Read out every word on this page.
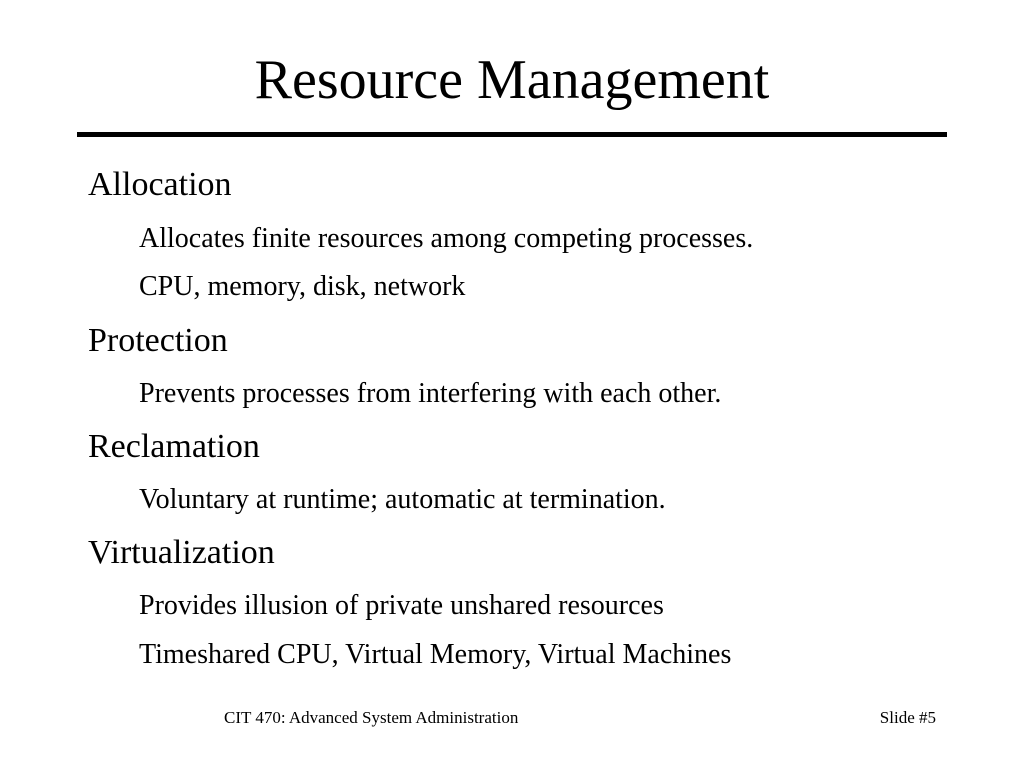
Resource Management
Allocation
Allocates finite resources among competing processes.
CPU, memory, disk, network
Protection
Prevents processes from interfering with each other.
Reclamation
Voluntary at runtime; automatic at termination.
Virtualization
Provides illusion of private unshared resources
Timeshared CPU, Virtual Memory, Virtual Machines
CIT 470: Advanced System Administration	Slide #5
